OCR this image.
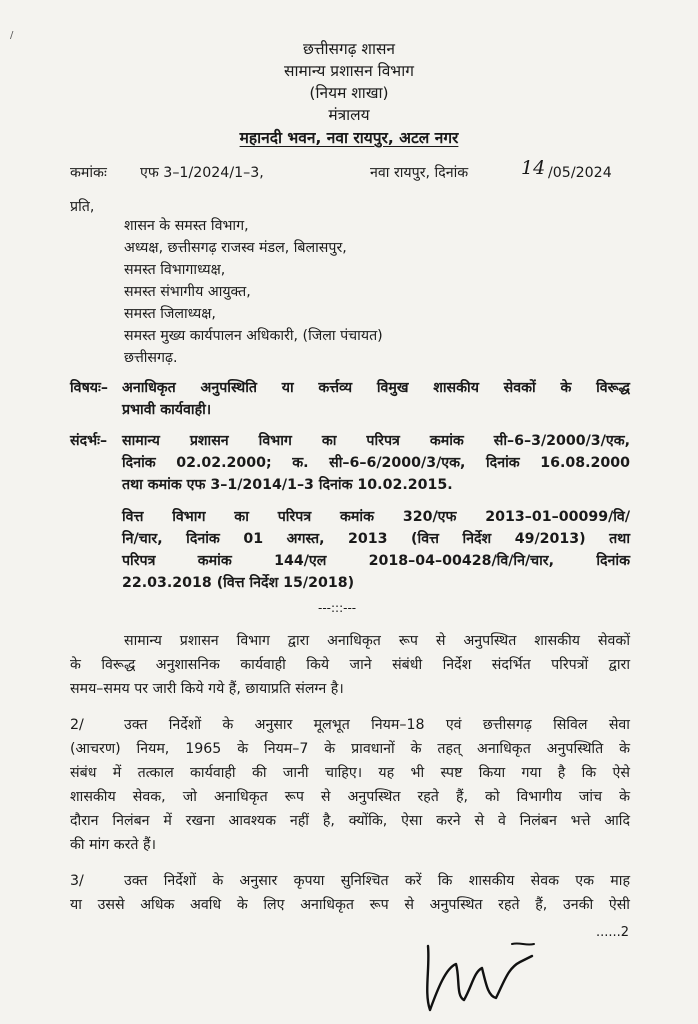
/
छत्तीसगढ़ शासन
सामान्य प्रशासन विभाग
(नियम शाखा)
मंत्रालय
महानदी भवन, नवा रायपुर, अटल नगर
कमांकः एफ 3–1/2024/1–3,	नवा रायपुर, दिनांक	14 /05/2024
प्रति,
शासन के समस्त विभाग,
अध्यक्ष, छत्तीसगढ़ राजस्व मंडल, बिलासपुर,
समस्त विभागाध्यक्ष,
समस्त संभागीय आयुक्त,
समस्त जिलाध्यक्ष,
समस्त मुख्य कार्यपालन अधिकारी, (जिला पंचायत)
छत्तीसगढ़.
विषयः– अनाधिकृत अनुपस्थिति या कर्त्तव्य विमुख शासकीय सेवकों के विरूद्ध
प्रभावी कार्यवाही।
संदर्भः– सामान्य प्रशासन विभाग का परिपत्र कमांक सी–6–3/2000/3/एक,
दिनांक 02.02.2000; क. सी–6–6/2000/3/एक, दिनांक 16.08.2000
तथा कमांक एफ 3–1/2014/1–3 दिनांक 10.02.2015.
वित्त विभाग का परिपत्र कमांक 320/एफ 2013–01–00099/वि/
नि/चार, दिनांक 01 अगस्त, 2013 (वित्त निर्देश 49/2013) तथा
परिपत्र कमांक 144/एल 2018–04–00428/वि/नि/चार, दिनांक
22.03.2018 (वित्त निर्देश 15/2018)
---:::---
सामान्य प्रशासन विभाग द्वारा अनाधिकृत रूप से अनुपस्थित शासकीय सेवकों
के विरूद्ध अनुशासनिक कार्यवाही किये जाने संबंधी निर्देश संदर्भित परिपत्रों द्वारा
समय–समय पर जारी किये गये हैं, छायाप्रति संलग्न है।
2/	उक्त निर्देशों के अनुसार मूलभूत नियम–18 एवं छत्तीसगढ़ सिविल सेवा
(आचरण) नियम, 1965 के नियम–7 के प्रावधानों के तहत् अनाधिकृत अनुपस्थिति के
संबंध में तत्काल कार्यवाही की जानी चाहिए। यह भी स्पष्ट किया गया है कि ऐसे
शासकीय सेवक, जो अनाधिकृत रूप से अनुपस्थित रहते हैं, को विभागीय जांच के
दौरान निलंबन में रखना आवश्यक नहीं है, क्योंकि, ऐसा करने से वे निलंबन भत्ते आदि
की मांग करते हैं।
3/	उक्त निर्देशों के अनुसार कृपया सुनिश्चित करें कि शासकीय सेवक एक माह
या उससे अधिक अवधि के लिए अनाधिकृत रूप से अनुपस्थित रहते हैं, उनकी ऐसी
......2
